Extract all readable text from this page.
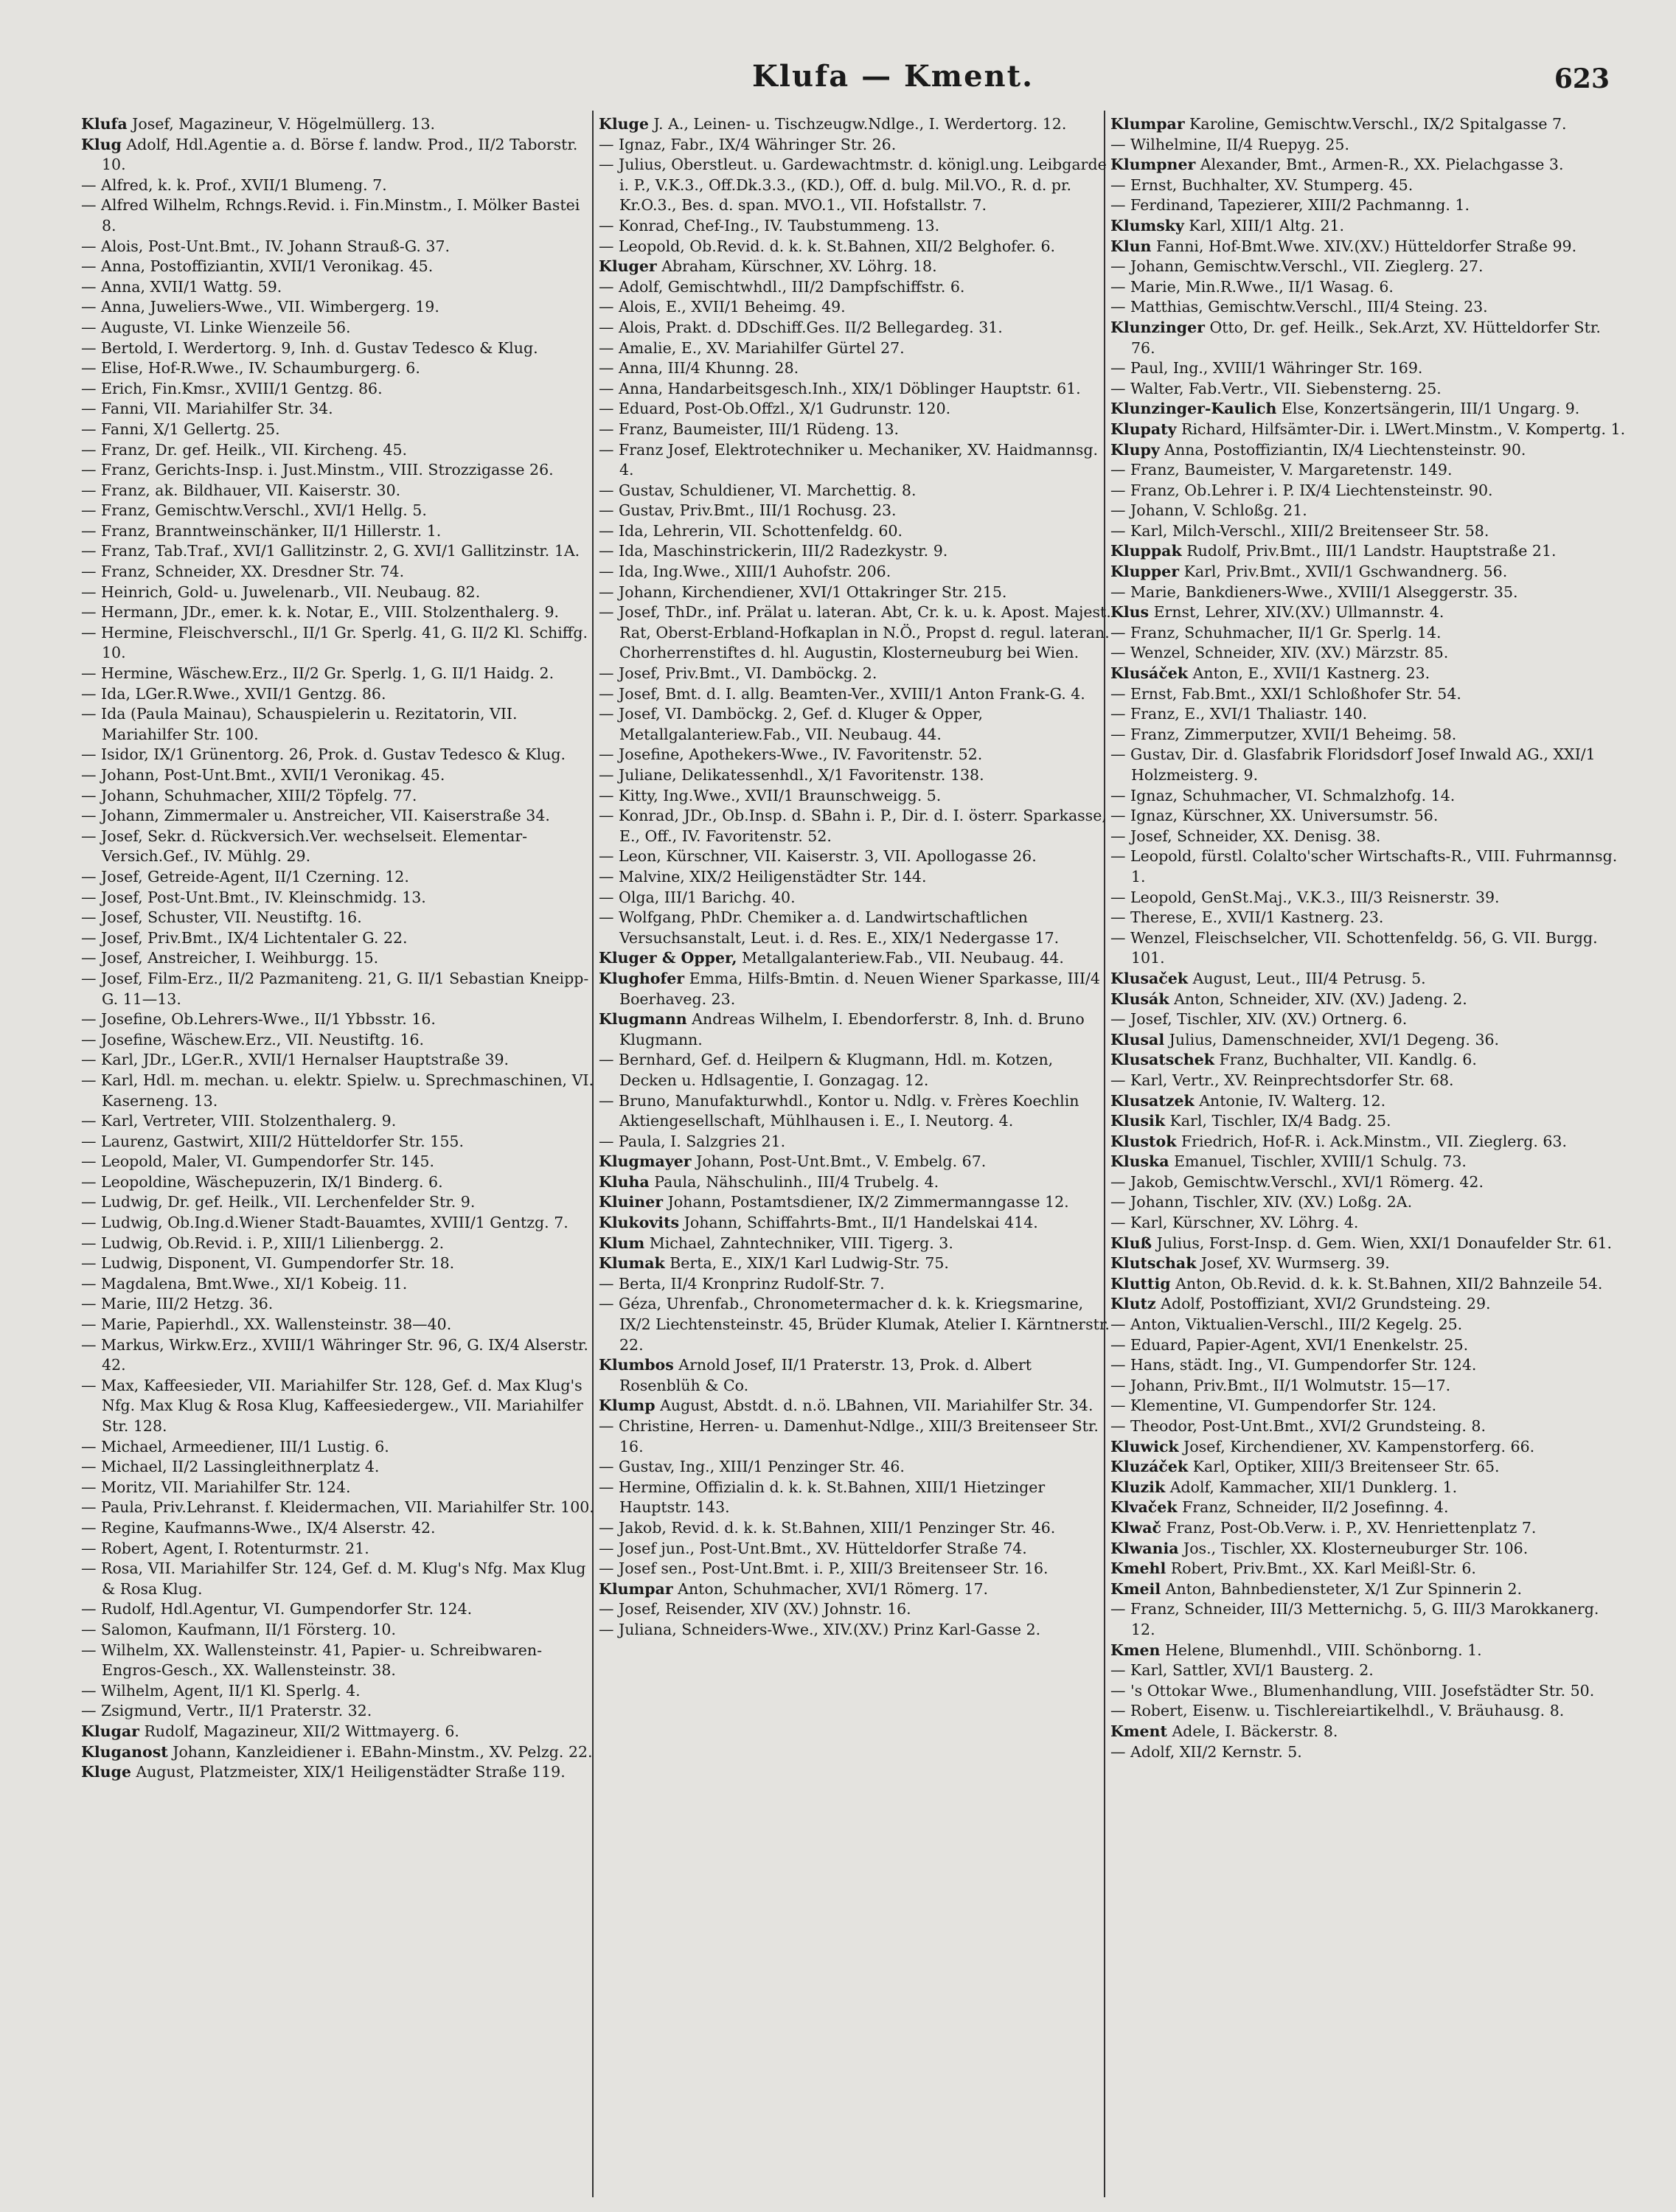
Klufa — Kment.	623

Klufa Josef, Magazineur, V. Högelmüllerg. 13.

Klug Adolf, Hdl.Agentie a. d. Börse f. landw. Prod., II/2 Taborstr. 10.

— Alfred, k. k. Prof., XVII/1 Blumeng. 7.

— Alfred Wilhelm, Rchngs.Revid. i. Fin.Minstm., I. Mölker Bastei 8.

— Alois, Post-Unt.Bmt., IV. Johann Strauß-G. 37.

— Anna, Postoffiziantin, XVII/1 Veronikag. 45.

— Anna, XVII/1 Wattg. 59.

— Anna, Juweliers-Wwe., VII. Wimbergerg. 19.

— Auguste, VI. Linke Wienzeile 56.

— Bertold, I. Werdertorg. 9, Inh. d. Gustav Tedesco & Klug.

— Elise, Hof-R.Wwe., IV. Schaumburgerg. 6.

— Erich, Fin.Kmsr., XVIII/1 Gentzg. 86.

— Fanni, VII. Mariahilfer Str. 34.

— Fanni, X/1 Gellertg. 25.

— Franz, Dr. gef. Heilk., VII. Kircheng. 45.

— Franz, Gerichts-Insp. i. Just.Minstm., VIII. Strozzigasse 26.

— Franz, ak. Bildhauer, VII. Kaiserstr. 30.

— Franz, Gemischtw.Verschl., XVI/1 Hellg. 5.

— Franz, Branntweinschänker, II/1 Hillerstr. 1.

— Franz, Tab.Traf., XVI/1 Gallitzinstr. 2, G. XVI/1 Gallitzinstr. 1A.

— Franz, Schneider, XX. Dresdner Str. 74.

— Heinrich, Gold- u. Juwelenarb., VII. Neubaug. 82.

— Hermann, JDr., emer. k. k. Notar, E., VIII. Stolzenthalerg. 9.

— Hermine, Fleischverschl., II/1 Gr. Sperlg. 41, G. II/2 Kl. Schiffg. 10.

— Hermine, Wäschew.Erz., II/2 Gr. Sperlg. 1, G. II/1 Haidg. 2.

— Ida, LGer.R.Wwe., XVII/1 Gentzg. 86.

— Ida (Paula Mainau), Schauspielerin u. Rezitatorin, VII. Mariahilfer Str. 100.

— Isidor, IX/1 Grünentorg. 26, Prok. d. Gustav Tedesco & Klug.

— Johann, Post-Unt.Bmt., XVII/1 Veronikag. 45.

— Johann, Schuhmacher, XIII/2 Töpfelg. 77.

— Johann, Zimmermaler u. Anstreicher, VII. Kaiserstraße 34.

— Josef, Sekr. d. Rückversich.Ver. wechselseit. Elementar-Versich.Gef., IV. Mühlg. 29.

— Josef, Getreide-Agent, II/1 Czerning. 12.

— Josef, Post-Unt.Bmt., IV. Kleinschmidg. 13.

— Josef, Schuster, VII. Neustiftg. 16.

— Josef, Priv.Bmt., IX/4 Lichtentaler G. 22.

— Josef, Anstreicher, I. Weihburgg. 15.

— Josef, Film-Erz., II/2 Pazmaniteng. 21, G. II/1 Sebastian Kneipp-G. 11—13.

— Josefine, Ob.Lehrers-Wwe., II/1 Ybbsstr. 16.

— Josefine, Wäschew.Erz., VII. Neustiftg. 16.

— Karl, JDr., LGer.R., XVII/1 Hernalser Hauptstraße 39.

— Karl, Hdl. m. mechan. u. elektr. Spielw. u. Sprechmaschinen, VI. Kaserneng. 13.

— Karl, Vertreter, VIII. Stolzenthalerg. 9.

— Laurenz, Gastwirt, XIII/2 Hütteldorfer Str. 155.

— Leopold, Maler, VI. Gumpendorfer Str. 145.

— Leopoldine, Wäschepuzerin, IX/1 Binderg. 6.

— Ludwig, Dr. gef. Heilk., VII. Lerchenfelder Str. 9.

— Ludwig, Ob.Ing.d.Wiener Stadt-Bauamtes, XVIII/1 Gentzg. 7.

— Ludwig, Ob.Revid. i. P., XIII/1 Lilienbergg. 2.

— Ludwig, Disponent, VI. Gumpendorfer Str. 18.

— Magdalena, Bmt.Wwe., XI/1 Kobeig. 11.

— Marie, III/2 Hetzg. 36.

— Marie, Papierhdl., XX. Wallensteinstr. 38—40.

— Markus, Wirkw.Erz., XVIII/1 Währinger Str. 96, G. IX/4 Alserstr. 42.

— Max, Kaffeesieder, VII. Mariahilfer Str. 128, Gef. d. Max Klug's Nfg. Max Klug & Rosa Klug, Kaffeesiedergew., VII. Mariahilfer Str. 128.

— Michael, Armeediener, III/1 Lustig. 6.

— Michael, II/2 Lassingleithnerplatz 4.

— Moritz, VII. Mariahilfer Str. 124.

— Paula, Priv.Lehranst. f. Kleidermachen, VII. Mariahilfer Str. 100.

— Regine, Kaufmanns-Wwe., IX/4 Alserstr. 42.

— Robert, Agent, I. Rotenturmstr. 21.

— Rosa, VII. Mariahilfer Str. 124, Gef. d. M. Klug's Nfg. Max Klug & Rosa Klug.

— Rudolf, Hdl.Agentur, VI. Gumpendorfer Str. 124.

— Salomon, Kaufmann, II/1 Försterg. 10.

— Wilhelm, XX. Wallensteinstr. 41, Papier- u. Schreibwaren-Engros-Gesch., XX. Wallensteinstr. 38.

— Wilhelm, Agent, II/1 Kl. Sperlg. 4.

— Zsigmund, Vertr., II/1 Praterstr. 32.

Klugar Rudolf, Magazineur, XII/2 Wittmayerg. 6.

Kluganost Johann, Kanzleidiener i. EBahn-Minstm., XV. Pelzg. 22.

Kluge August, Platzmeister, XIX/1 Heiligenstädter Straße 119.

Kluge J. A., Leinen- u. Tischzeugw.Ndlge., I. Werdertorg. 12.

— Ignaz, Fabr., IX/4 Währinger Str. 26.

— Julius, Oberstleut. u. Gardewachtmstr. d. königl.ung. Leibgarde i. P., V.K.3., Off.Dk.3.3., (KD.), Off. d. bulg. Mil.VO., R. d. pr. Kr.O.3., Bes. d. span. MVO.1., VII. Hofstallstr. 7.

— Konrad, Chef-Ing., IV. Taubstummeng. 13.

— Leopold, Ob.Revid. d. k. k. St.Bahnen, XII/2 Belghofer. 6.

Kluger Abraham, Kürschner, XV. Löhrg. 18.

— Adolf, Gemischtwhdl., III/2 Dampfschiffstr. 6.

— Alois, E., XVII/1 Beheimg. 49.

— Alois, Prakt. d. DDschiff.Ges. II/2 Bellegardeg. 31.

— Amalie, E., XV. Mariahilfer Gürtel 27.

— Anna, III/4 Khunng. 28.

— Anna, Handarbeitsgesch.Inh., XIX/1 Döblinger Hauptstr. 61.

— Eduard, Post-Ob.Offzl., X/1 Gudrunstr. 120.

— Franz, Baumeister, III/1 Rüdeng. 13.

— Franz Josef, Elektrotechniker u. Mechaniker, XV. Haidmannsg. 4.

— Gustav, Schuldiener, VI. Marchettig. 8.

— Gustav, Priv.Bmt., III/1 Rochusg. 23.

— Ida, Lehrerin, VII. Schottenfeldg. 60.

— Ida, Maschinstrickerin, III/2 Radezkystr. 9.

— Ida, Ing.Wwe., XIII/1 Auhofstr. 206.

— Johann, Kirchendiener, XVI/1 Ottakringer Str. 215.

— Josef, ThDr., inf. Prälat u. lateran. Abt, Cr. k. u. k. Apost. Majest. Rat, Oberst-Erbland-Hofkaplan in N.Ö., Propst d. regul. lateran. Chorherrenstiftes d. hl. Augustin, Klosterneuburg bei Wien.

— Josef, Priv.Bmt., VI. Damböckg. 2.

— Josef, Bmt. d. I. allg. Beamten-Ver., XVIII/1 Anton Frank-G. 4.

— Josef, VI. Damböckg. 2, Gef. d. Kluger & Opper, Metallgalanteriew.Fab., VII. Neubaug. 44.

— Josefine, Apothekers-Wwe., IV. Favoritenstr. 52.

— Juliane, Delikatessenhdl., X/1 Favoritenstr. 138.

— Kitty, Ing.Wwe., XVII/1 Braunschweigg. 5.

— Konrad, JDr., Ob.Insp. d. SBahn i. P., Dir. d. I. österr. Sparkasse, E., Off., IV. Favoritenstr. 52.

— Leon, Kürschner, VII. Kaiserstr. 3, VII. Apollogasse 26.

— Malvine, XIX/2 Heiligenstädter Str. 144.

— Olga, III/1 Barichg. 40.

— Wolfgang, PhDr. Chemiker a. d. Landwirtschaftlichen Versuchsanstalt, Leut. i. d. Res. E., XIX/1 Nedergasse 17.

Kluger & Opper, Metallgalanteriew.Fab., VII. Neubaug. 44.

Klughofer Emma, Hilfs-Bmtin. d. Neuen Wiener Sparkasse, III/4 Boerhaveg. 23.

Klugmann Andreas Wilhelm, I. Ebendorferstr. 8, Inh. d. Bruno Klugmann.

— Bernhard, Gef. d. Heilpern & Klugmann, Hdl. m. Kotzen, Decken u. Hdlsagentie, I. Gonzagag. 12.

— Bruno, Manufakturwhdl., Kontor u. Ndlg. v. Frères Koechlin Aktiengesellschaft, Mühlhausen i. E., I. Neutorg. 4.

— Paula, I. Salzgries 21.

Klugmayer Johann, Post-Unt.Bmt., V. Embelg. 67.

Kluha Paula, Nähschulinh., III/4 Trubelg. 4.

Kluiner Johann, Postamtsdiener, IX/2 Zimmermanngasse 12.

Klukovits Johann, Schiffahrts-Bmt., II/1 Handelskai 414.

Klum Michael, Zahntechniker, VIII. Tigerg. 3.

Klumak Berta, E., XIX/1 Karl Ludwig-Str. 75.

— Berta, II/4 Kronprinz Rudolf-Str. 7.

— Géza, Uhrenfab., Chronometermacher d. k. k. Kriegsmarine, IX/2 Liechtensteinstr. 45, Brüder Klumak, Atelier I. Kärntnerstr. 22.

Klumbos Arnold Josef, II/1 Praterstr. 13, Prok. d. Albert Rosenblüh & Co.

Klump August, Abstdt. d. n.ö. LBahnen, VII. Mariahilfer Str. 34.

— Christine, Herren- u. Damenhut-Ndlge., XIII/3 Breitenseer Str. 16.

— Gustav, Ing., XIII/1 Penzinger Str. 46.

— Hermine, Offizialin d. k. k. St.Bahnen, XIII/1 Hietzinger Hauptstr. 143.

— Jakob, Revid. d. k. k. St.Bahnen, XIII/1 Penzinger Str. 46.

— Josef jun., Post-Unt.Bmt., XV. Hütteldorfer Straße 74.

— Josef sen., Post-Unt.Bmt. i. P., XIII/3 Breitenseer Str. 16.

Klumpar Anton, Schuhmacher, XVI/1 Römerg. 17.

— Josef, Reisender, XIV (XV.) Johnstr. 16.

— Juliana, Schneiders-Wwe., XIV.(XV.) Prinz Karl-Gasse 2.

Klumpar Karoline, Gemischtw.Verschl., IX/2 Spitalgasse 7.

— Wilhelmine, II/4 Ruepyg. 25.

Klumpner Alexander, Bmt., Armen-R., XX. Pielachgasse 3.

— Ernst, Buchhalter, XV. Stumperg. 45.

— Ferdinand, Tapezierer, XIII/2 Pachmanng. 1.

Klumsky Karl, XIII/1 Altg. 21.

Klun Fanni, Hof-Bmt.Wwe. XIV.(XV.) Hütteldorfer Straße 99.

— Johann, Gemischtw.Verschl., VII. Zieglerg. 27.

— Marie, Min.R.Wwe., II/1 Wasag. 6.

— Matthias, Gemischtw.Verschl., III/4 Steing. 23.

Klunzinger Otto, Dr. gef. Heilk., Sek.Arzt, XV. Hütteldorfer Str. 76.

— Paul, Ing., XVIII/1 Währinger Str. 169.

— Walter, Fab.Vertr., VII. Siebensterng. 25.

Klunzinger-Kaulich Else, Konzertsängerin, III/1 Ungarg. 9.

Klupaty Richard, Hilfsämter-Dir. i. LWert.Minstm., V. Kompertg. 1.

Klupy Anna, Postoffiziantin, IX/4 Liechtensteinstr. 90.

— Franz, Baumeister, V. Margaretenstr. 149.

— Franz, Ob.Lehrer i. P. IX/4 Liechtensteinstr. 90.

— Johann, V. Schloßg. 21.

— Karl, Milch-Verschl., XIII/2 Breitenseer Str. 58.

Kluppak Rudolf, Priv.Bmt., III/1 Landstr. Hauptstraße 21.

Klupper Karl, Priv.Bmt., XVII/1 Gschwandnerg. 56.

— Marie, Bankdieners-Wwe., XVIII/1 Alseggerstr. 35.

Klus Ernst, Lehrer, XIV.(XV.) Ullmannstr. 4.

— Franz, Schuhmacher, II/1 Gr. Sperlg. 14.

— Wenzel, Schneider, XIV. (XV.) Märzstr. 85.

Klusáček Anton, E., XVII/1 Kastnerg. 23.

— Ernst, Fab.Bmt., XXI/1 Schloßhofer Str. 54.

— Franz, E., XVI/1 Thaliastr. 140.

— Franz, Zimmerputzer, XVII/1 Beheimg. 58.

— Gustav, Dir. d. Glasfabrik Floridsdorf Josef Inwald AG., XXI/1 Holzmeisterg. 9.

— Ignaz, Schuhmacher, VI. Schmalzhofg. 14.

— Ignaz, Kürschner, XX. Universumstr. 56.

— Josef, Schneider, XX. Denisg. 38.

— Leopold, fürstl. Colalto'scher Wirtschafts-R., VIII. Fuhrmannsg. 1.

— Leopold, GenSt.Maj., V.K.3., III/3 Reisnerstr. 39.

— Therese, E., XVII/1 Kastnerg. 23.

— Wenzel, Fleischselcher, VII. Schottenfeldg. 56, G. VII. Burgg. 101.

Klusaček August, Leut., III/4 Petrusg. 5.

Klusák Anton, Schneider, XIV. (XV.) Jadeng. 2.

— Josef, Tischler, XIV. (XV.) Ortnerg. 6.

Klusal Julius, Damenschneider, XVI/1 Degeng. 36.

Klusatschek Franz, Buchhalter, VII. Kandlg. 6.

— Karl, Vertr., XV. Reinprechtsdorfer Str. 68.

Klusatzek Antonie, IV. Walterg. 12.

Klusik Karl, Tischler, IX/4 Badg. 25.

Klustok Friedrich, Hof-R. i. Ack.Minstm., VII. Zieglerg. 63.

Kluska Emanuel, Tischler, XVIII/1 Schulg. 73.

— Jakob, Gemischtw.Verschl., XVI/1 Römerg. 42.

— Johann, Tischler, XIV. (XV.) Loßg. 2A.

— Karl, Kürschner, XV. Löhrg. 4.

Kluß Julius, Forst-Insp. d. Gem. Wien, XXI/1 Donaufelder Str. 61.

Klutschak Josef, XV. Wurmserg. 39.

Kluttig Anton, Ob.Revid. d. k. k. St.Bahnen, XII/2 Bahnzeile 54.

Klutz Adolf, Postoffiziant, XVI/2 Grundsteing. 29.

— Anton, Viktualien-Verschl., III/2 Kegelg. 25.

— Eduard, Papier-Agent, XVI/1 Enenkelstr. 25.

— Hans, städt. Ing., VI. Gumpendorfer Str. 124.

— Johann, Priv.Bmt., II/1 Wolmutstr. 15—17.

— Klementine, VI. Gumpendorfer Str. 124.

— Theodor, Post-Unt.Bmt., XVI/2 Grundsteing. 8.

Kluwick Josef, Kirchendiener, XV. Kampenstorferg. 66.

Kluzáček Karl, Optiker, XIII/3 Breitenseer Str. 65.

Kluzik Adolf, Kammacher, XII/1 Dunklerg. 1.

Klvaček Franz, Schneider, II/2 Josefinng. 4.

Klwač Franz, Post-Ob.Verw. i. P., XV. Henriettenplatz 7.

Klwania Jos., Tischler, XX. Klosterneuburger Str. 106.

Kmehl Robert, Priv.Bmt., XX. Karl Meißl-Str. 6.

Kmeil Anton, Bahnbediensteter, X/1 Zur Spinnerin 2.

— Franz, Schneider, III/3 Metternichg. 5, G. III/3 Marokkanerg. 12.

Kmen Helene, Blumenhdl., VIII. Schönborng. 1.

— Karl, Sattler, XVI/1 Bausterg. 2.

— 's Ottokar Wwe., Blumenhandlung, VIII. Josefstädter Str. 50.

— Robert, Eisenw. u. Tischlereiartikelhdl., V. Bräuhausg. 8.

Kment Adele, I. Bäckerstr. 8.

— Adolf, XII/2 Kernstr. 5.
